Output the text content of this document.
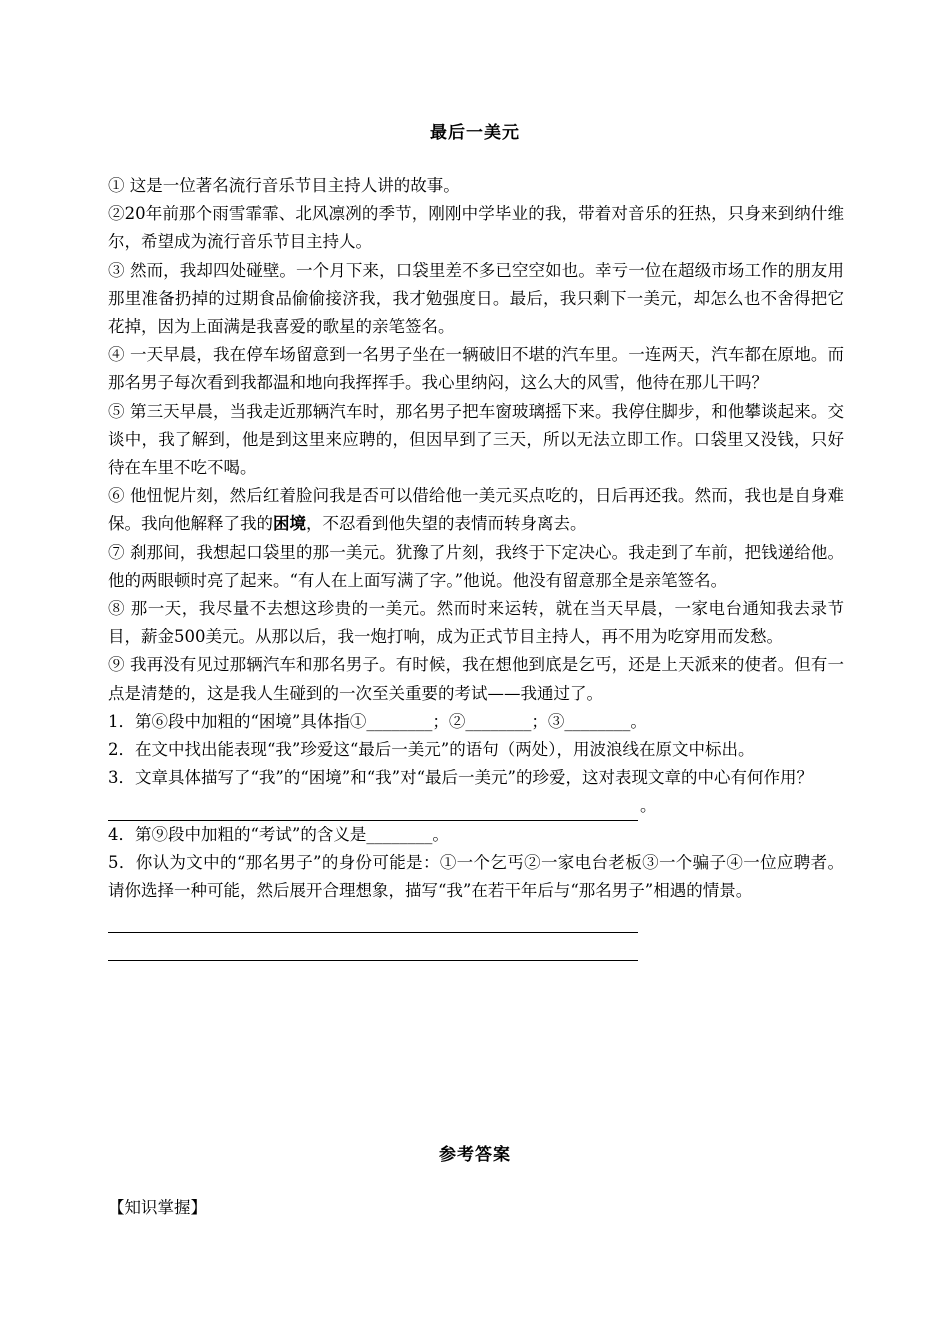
最后一美元

① 这是一位著名流行音乐节目主持人讲的故事。

②20年前那个雨雪霏霏、北风凛冽的季节，刚刚中学毕业的我，带着对音乐的狂热，只身来到纳什维尔，希望成为流行音乐节目主持人。

③ 然而，我却四处碰壁。一个月下来，口袋里差不多已空空如也。幸亏一位在超级市场工作的朋友用那里准备扔掉的过期食品偷偷接济我，我才勉强度日。最后，我只剩下一美元，却怎么也不舍得把它花掉，因为上面满是我喜爱的歌星的亲笔签名。

④ 一天早晨，我在停车场留意到一名男子坐在一辆破旧不堪的汽车里。一连两天，汽车都在原地。而那名男子每次看到我都温和地向我挥挥手。我心里纳闷，这么大的风雪，他待在那儿干吗？

⑤ 第三天早晨，当我走近那辆汽车时，那名男子把车窗玻璃摇下来。我停住脚步，和他攀谈起来。交谈中，我了解到，他是到这里来应聘的，但因早到了三天，所以无法立即工作。口袋里又没钱，只好待在车里不吃不喝。

⑥ 他忸怩片刻，然后红着脸问我是否可以借给他一美元买点吃的，日后再还我。然而，我也是自身难保。我向他解释了我的困境，不忍看到他失望的表情而转身离去。

⑦ 刹那间，我想起口袋里的那一美元。犹豫了片刻，我终于下定决心。我走到了车前，把钱递给他。他的两眼顿时亮了起来。“有人在上面写满了字。”他说。他没有留意那全是亲笔签名。

⑧ 那一天，我尽量不去想这珍贵的一美元。然而时来运转，就在当天早晨，一家电台通知我去录节目，薪金500美元。从那以后，我一炮打响，成为正式节目主持人，再不用为吃穿用而发愁。

⑨ 我再没有见过那辆汽车和那名男子。有时候，我在想他到底是乞丐，还是上天派来的使者。但有一点是清楚的，这是我人生碰到的一次至关重要的考试——我通过了。

1．第⑥段中加粗的“困境”具体指①________；②________；③________。

2．在文中找出能表现“我”珍爱这“最后一美元”的语句（两处），用波浪线在原文中标出。

3．文章具体描写了“我”的“困境”和“我”对“最后一美元”的珍爱，这对表现文章的中心有何作用？

。

4．第⑨段中加粗的“考试”的含义是________。

5．你认为文中的“那名男子”的身份可能是：①一个乞丐②一家电台老板③一个骗子④一位应聘者。请你选择一种可能，然后展开合理想象，描写“我”在若干年后与“那名男子”相遇的情景。

参考答案
【知识掌握】
